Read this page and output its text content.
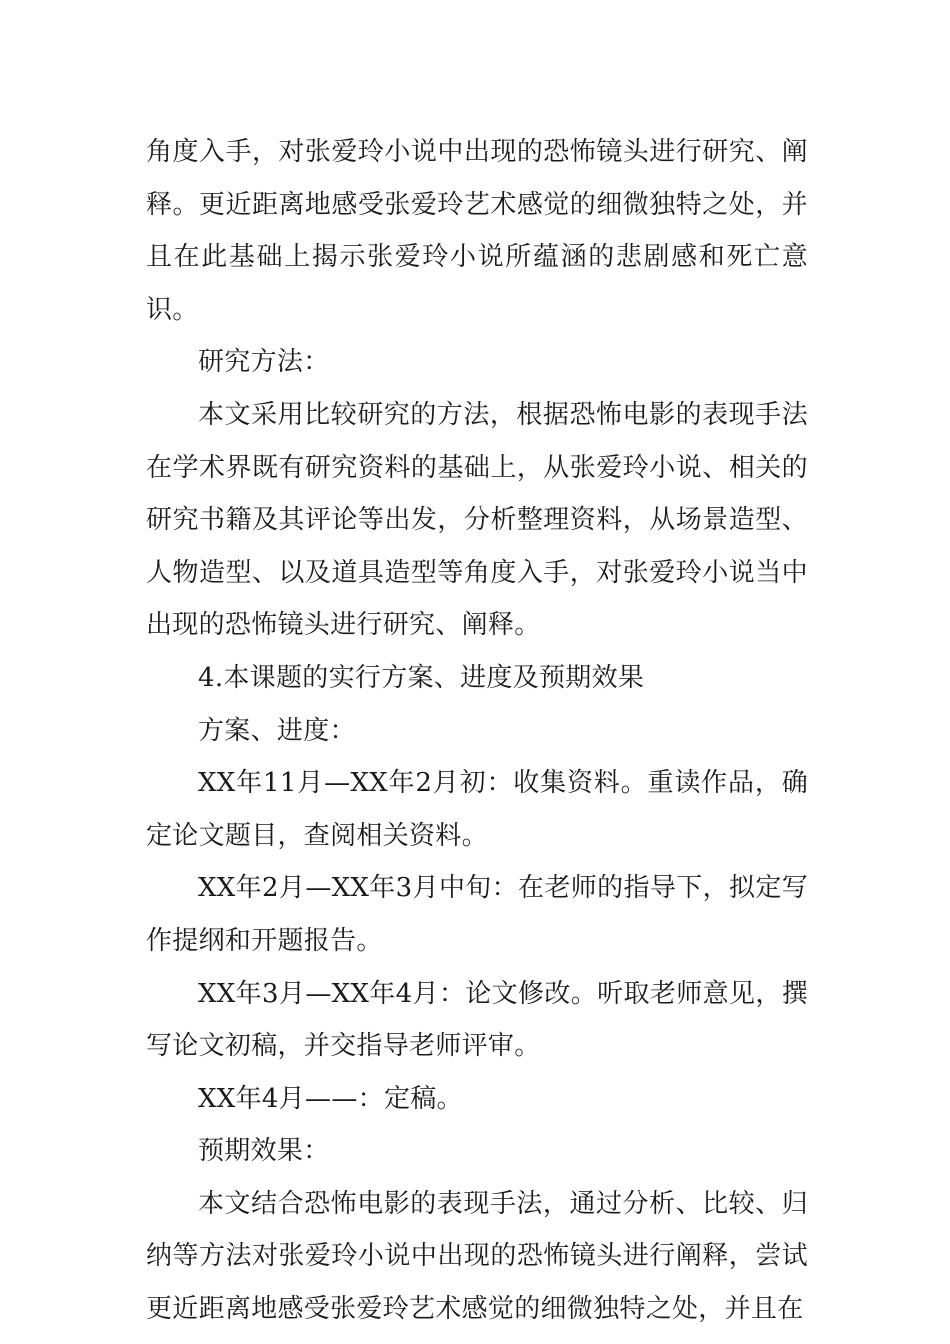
角度入手，对张爱玲小说中出现的恐怖镜头进行研究、阐释。更近距离地感受张爱玲艺术感觉的细微独特之处，并且在此基础上揭示张爱玲小说所蕴涵的悲剧感和死亡意识。

研究方法：

本文采用比较研究的方法，根据恐怖电影的表现手法在学术界既有研究资料的基础上，从张爱玲小说、相关的研究书籍及其评论等出发，分析整理资料，从场景造型、人物造型、以及道具造型等角度入手，对张爱玲小说当中出现的恐怖镜头进行研究、阐释。

4.本课题的实行方案、进度及预期效果

方案、进度：

XX年11月—XX年2月初：收集资料。重读作品，确定论文题目，查阅相关资料。

XX年2月—XX年3月中旬：在老师的指导下，拟定写作提纲和开题报告。

XX年3月—XX年4月：论文修改。听取老师意见，撰写论文初稿，并交指导老师评审。

XX年4月——：定稿。

预期效果：

本文结合恐怖电影的表现手法，通过分析、比较、归纳等方法对张爱玲小说中出现的恐怖镜头进行阐释，尝试更近距离地感受张爱玲艺术感觉的细微独特之处，并且在
